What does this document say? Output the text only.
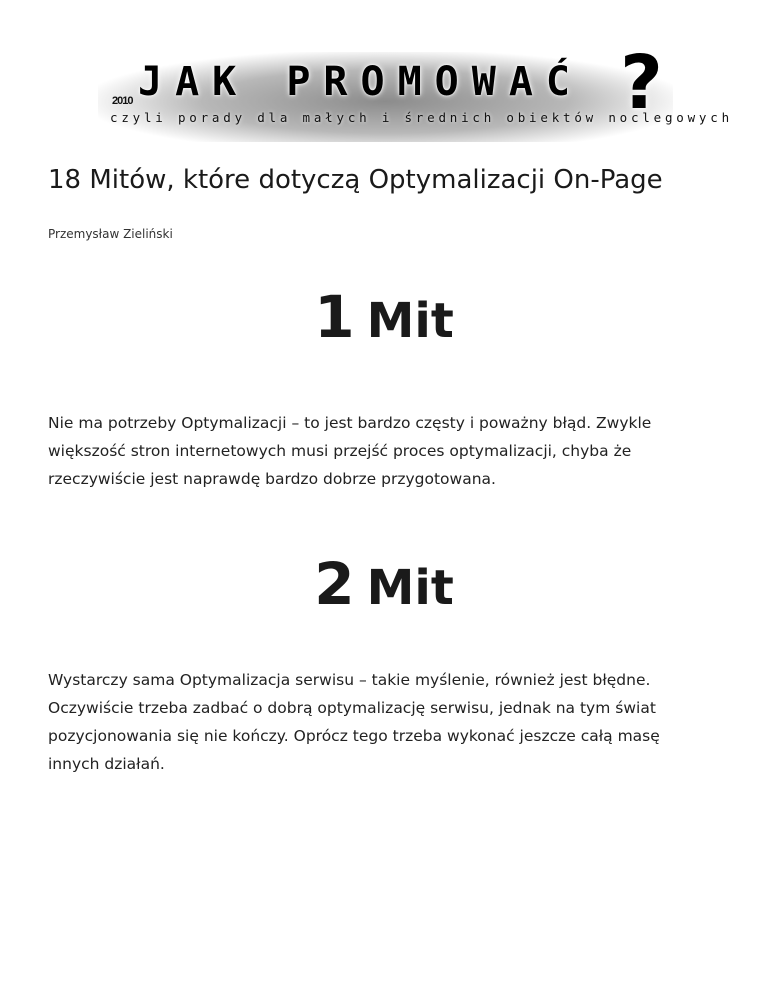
2010 JAK PROMOWAĆ ?
czyli porady dla małych i średnich obiektów noclegowych
18 Mitów, które dotyczą Optymalizacji On-Page
Przemysław Zieliński
1 Mit

Nie ma potrzeby Optymalizacji – to jest bardzo częsty i poważny błąd. Zwykle większość stron internetowych musi przejść proces optymalizacji, chyba że rzeczywiście jest naprawdę bardzo dobrze przygotowana.

2 Mit

Wystarczy sama Optymalizacja serwisu – takie myślenie, również jest błędne. Oczywiście trzeba zadbać o dobrą optymalizację serwisu, jednak na tym świat pozycjonowania się nie kończy. Oprócz tego trzeba wykonać jeszcze całą masę innych działań.
